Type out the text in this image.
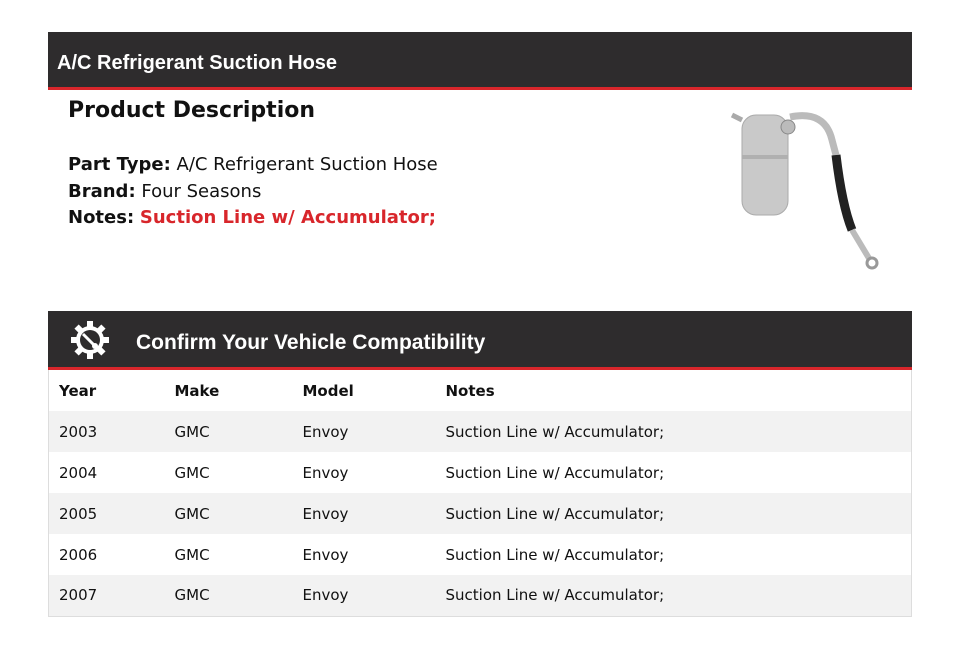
A/C Refrigerant Suction Hose
Product Description
Part Type: A/C Refrigerant Suction Hose
Brand: Four Seasons
Notes: Suction Line w/ Accumulator;
Confirm Your Vehicle Compatibility
Year	Make	Model	Notes
2003	GMC	Envoy	Suction Line w/ Accumulator;
2004	GMC	Envoy	Suction Line w/ Accumulator;
2005	GMC	Envoy	Suction Line w/ Accumulator;
2006	GMC	Envoy	Suction Line w/ Accumulator;
2007	GMC	Envoy	Suction Line w/ Accumulator;
